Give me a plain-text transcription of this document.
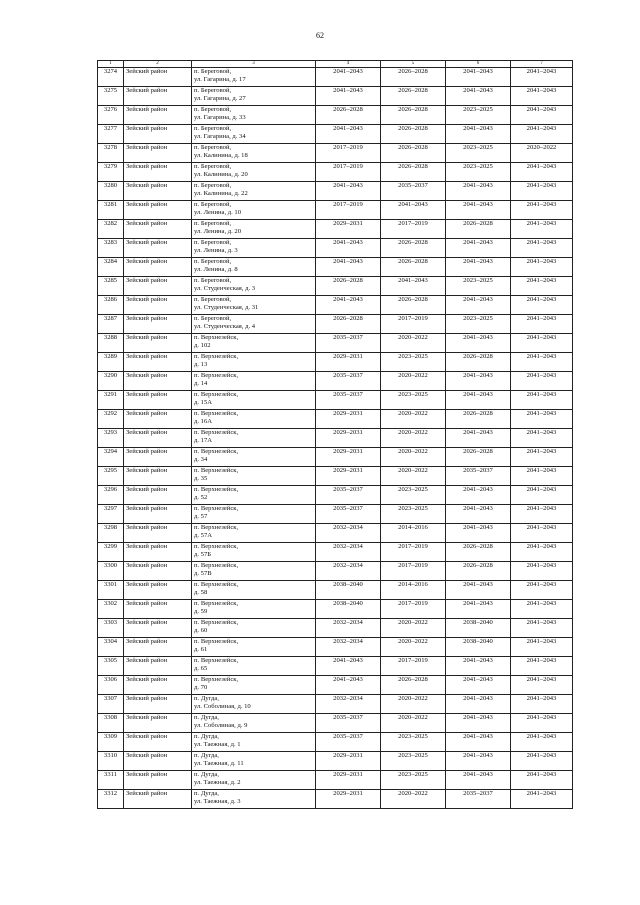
62
1	2	3	4	5	6	7
3274	Зейский район	п. Береговой,
ул. Гагарина, д. 17	2041–2043	2026–2028	2041–2043	2041–2043
3275	Зейский район	п. Береговой,
ул. Гагарина, д. 27	2041–2043	2026–2028	2041–2043	2041–2043
3276	Зейский район	п. Береговой,
ул. Гагарина, д. 33	2026–2028	2026–2028	2023–2025	2041–2043
3277	Зейский район	п. Береговой,
ул. Гагарина, д. 34	2041–2043	2026–2028	2041–2043	2041–2043
3278	Зейский район	п. Береговой,
ул. Калинина, д. 18	2017–2019	2026–2028	2023–2025	2020–2022
3279	Зейский район	п. Береговой,
ул. Калинина, д. 20	2017–2019	2026–2028	2023–2025	2041–2043
3280	Зейский район	п. Береговой,
ул. Калинина, д. 22	2041–2043	2035–2037	2041–2043	2041–2043
3281	Зейский район	п. Береговой,
ул. Ленина, д. 10	2017–2019	2041–2043	2041–2043	2041–2043
3282	Зейский район	п. Береговой,
ул. Ленина, д. 20	2029–2031	2017–2019	2026–2028	2041–2043
3283	Зейский район	п. Береговой,
ул. Ленина, д. 3	2041–2043	2026–2028	2041–2043	2041–2043
3284	Зейский район	п. Береговой,
ул. Ленина, д. 8	2041–2043	2026–2028	2041–2043	2041–2043
3285	Зейский район	п. Береговой,
ул. Студенческая, д. 3	2026–2028	2041–2043	2023–2025	2041–2043
3286	Зейский район	п. Береговой,
ул. Студенческая, д. 31	2041–2043	2026–2028	2041–2043	2041–2043
3287	Зейский район	п. Береговой,
ул. Студенческая, д. 4	2026–2028	2017–2019	2023–2025	2041–2043
3288	Зейский район	п. Верхнезейск,
д. 102	2035–2037	2020–2022	2041–2043	2041–2043
3289	Зейский район	п. Верхнезейск,
д. 13	2029–2031	2023–2025	2026–2028	2041–2043
3290	Зейский район	п. Верхнезейск,
д. 14	2035–2037	2020–2022	2041–2043	2041–2043
3291	Зейский район	п. Верхнезейск,
д. 15А	2035–2037	2023–2025	2041–2043	2041–2043
3292	Зейский район	п. Верхнезейск,
д. 16А	2029–2031	2020–2022	2026–2028	2041–2043
3293	Зейский район	п. Верхнезейск,
д. 17А	2029–2031	2020–2022	2041–2043	2041–2043
3294	Зейский район	п. Верхнезейск,
д. 34	2029–2031	2020–2022	2026–2028	2041–2043
3295	Зейский район	п. Верхнезейск,
д. 35	2029–2031	2020–2022	2035–2037	2041–2043
3296	Зейский район	п. Верхнезейск,
д. 52	2035–2037	2023–2025	2041–2043	2041–2043
3297	Зейский район	п. Верхнезейск,
д. 57	2035–2037	2023–2025	2041–2043	2041–2043
3298	Зейский район	п. Верхнезейск,
д. 57А	2032–2034	2014–2016	2041–2043	2041–2043
3299	Зейский район	п. Верхнезейск,
д. 57Б	2032–2034	2017–2019	2026–2028	2041–2043
3300	Зейский район	п. Верхнезейск,
д. 57В	2032–2034	2017–2019	2026–2028	2041–2043
3301	Зейский район	п. Верхнезейск,
д. 58	2038–2040	2014–2016	2041–2043	2041–2043
3302	Зейский район	п. Верхнезейск,
д. 59	2038–2040	2017–2019	2041–2043	2041–2043
3303	Зейский район	п. Верхнезейск,
д. 60	2032–2034	2020–2022	2038–2040	2041–2043
3304	Зейский район	п. Верхнезейск,
д. 61	2032–2034	2020–2022	2038–2040	2041–2043
3305	Зейский район	п. Верхнезейск,
д. 65	2041–2043	2017–2019	2041–2043	2041–2043
3306	Зейский район	п. Верхнезейск,
д. 70	2041–2043	2026–2028	2041–2043	2041–2043
3307	Зейский район	п. Дугда,
ул. Соболиная, д. 10	2032–2034	2020–2022	2041–2043	2041–2043
3308	Зейский район	п. Дугда,
ул. Соболиная, д. 9	2035–2037	2020–2022	2041–2043	2041–2043
3309	Зейский район	п. Дугда,
ул. Таежная, д. 1	2035–2037	2023–2025	2041–2043	2041–2043
3310	Зейский район	п. Дугда,
ул. Таежная, д. 11	2029–2031	2023–2025	2041–2043	2041–2043
3311	Зейский район	п. Дугда,
ул. Таежная, д. 2	2029–2031	2023–2025	2041–2043	2041–2043
3312	Зейский район	п. Дугда,
ул. Таежная, д. 3	2029–2031	2020–2022	2035–2037	2041–2043
